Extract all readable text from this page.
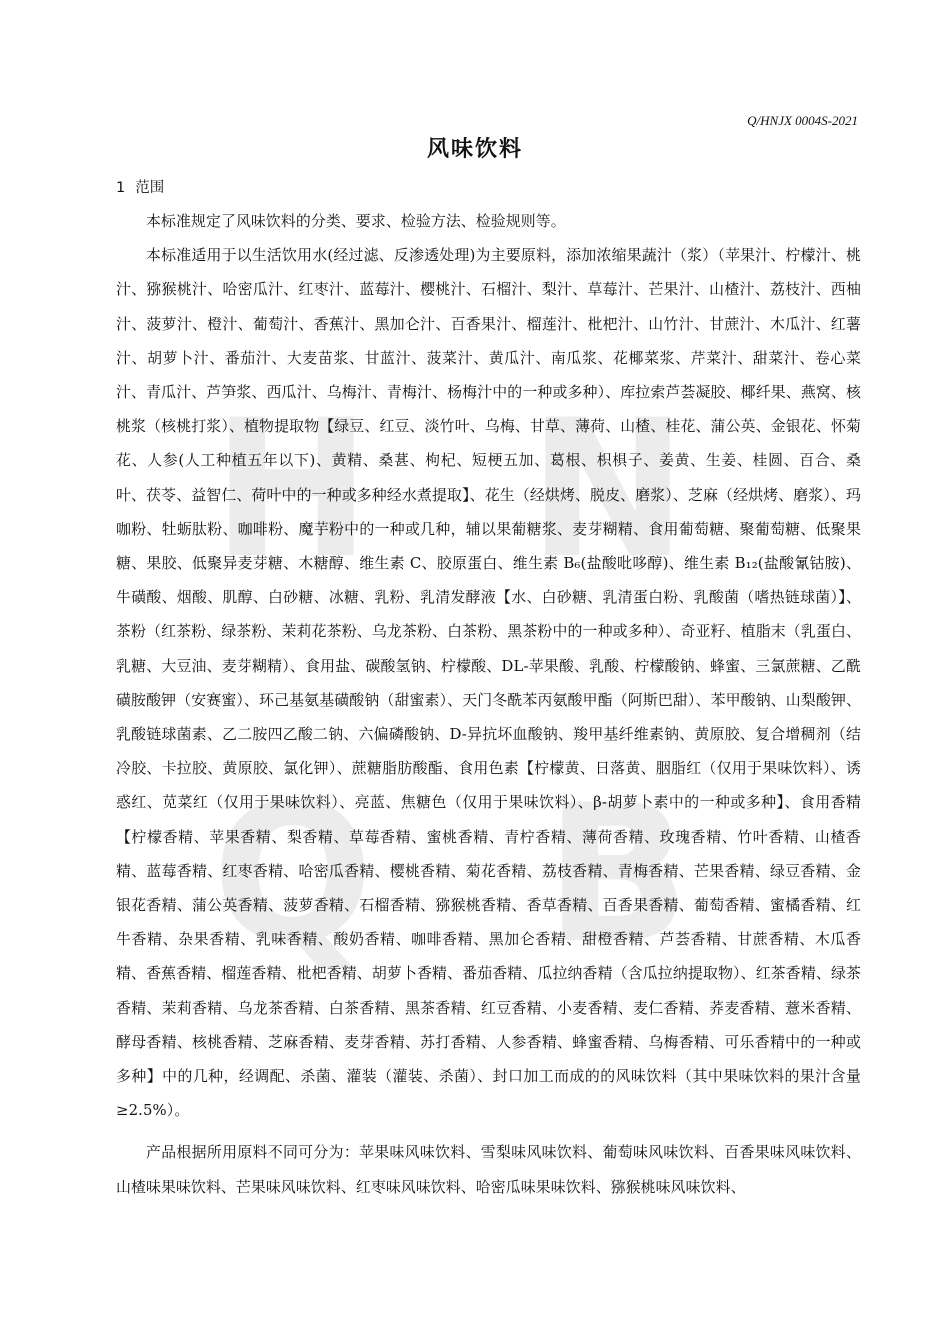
H N
Q B
Q/HNJX 0004S-2021
风味饮料
1 范围

本标准规定了风味饮料的分类、要求、检验方法、检验规则等。

本标准适用于以生活饮用水(经过滤、反渗透处理)为主要原料，添加浓缩果蔬汁（浆）（苹果汁、柠檬汁、桃汁、猕猴桃汁、哈密瓜汁、红枣汁、蓝莓汁、樱桃汁、石榴汁、梨汁、草莓汁、芒果汁、山楂汁、荔枝汁、西柚汁、菠萝汁、橙汁、葡萄汁、香蕉汁、黑加仑汁、百香果汁、榴莲汁、枇杷汁、山竹汁、甘蔗汁、木瓜汁、红薯汁、胡萝卜汁、番茄汁、大麦苗浆、甘蓝汁、菠菜汁、黄瓜汁、南瓜浆、花椰菜浆、芹菜汁、甜菜汁、卷心菜汁、青瓜汁、芦笋浆、西瓜汁、乌梅汁、青梅汁、杨梅汁中的一种或多种）、库拉索芦荟凝胶、椰纤果、燕窝、核桃浆（核桃打浆）、植物提取物【绿豆、红豆、淡竹叶、乌梅、甘草、薄荷、山楂、桂花、蒲公英、金银花、怀菊花、人参(人工种植五年以下)、黄精、桑葚、枸杞、短梗五加、葛根、枳椇子、姜黄、生姜、桂圆、百合、桑叶、茯苓、益智仁、荷叶中的一种或多种经水煮提取】、花生（经烘烤、脱皮、磨浆）、芝麻（经烘烤、磨浆）、玛咖粉、牡蛎肽粉、咖啡粉、魔芋粉中的一种或几种，辅以果葡糖浆、麦芽糊精、食用葡萄糖、聚葡萄糖、低聚果糖、果胶、低聚异麦芽糖、木糖醇、维生素 C、胶原蛋白、维生素 B₆(盐酸吡哆醇)、维生素 B₁₂(盐酸氰钴胺)、牛磺酸、烟酸、肌醇、白砂糖、冰糖、乳粉、乳清发酵液【水、白砂糖、乳清蛋白粉、乳酸菌（嗜热链球菌）】、茶粉（红茶粉、绿茶粉、茉莉花茶粉、乌龙茶粉、白茶粉、黑茶粉中的一种或多种）、奇亚籽、植脂末（乳蛋白、乳糖、大豆油、麦芽糊精）、食用盐、碳酸氢钠、柠檬酸、DL-苹果酸、乳酸、柠檬酸钠、蜂蜜、三氯蔗糖、乙酰磺胺酸钾（安赛蜜）、环己基氨基磺酸钠（甜蜜素）、天门冬酰苯丙氨酸甲酯（阿斯巴甜）、苯甲酸钠、山梨酸钾、乳酸链球菌素、乙二胺四乙酸二钠、六偏磷酸钠、D-异抗坏血酸钠、羧甲基纤维素钠、黄原胶、复合增稠剂（结冷胶、卡拉胶、黄原胶、氯化钾）、蔗糖脂肪酸酯、食用色素【柠檬黄、日落黄、胭脂红（仅用于果味饮料）、诱惑红、苋菜红（仅用于果味饮料）、亮蓝、焦糖色（仅用于果味饮料）、β-胡萝卜素中的一种或多种】、食用香精【柠檬香精、苹果香精、梨香精、草莓香精、蜜桃香精、青柠香精、薄荷香精、玫瑰香精、竹叶香精、山楂香精、蓝莓香精、红枣香精、哈密瓜香精、樱桃香精、菊花香精、荔枝香精、青梅香精、芒果香精、绿豆香精、金银花香精、蒲公英香精、菠萝香精、石榴香精、猕猴桃香精、香草香精、百香果香精、葡萄香精、蜜橘香精、红牛香精、杂果香精、乳味香精、酸奶香精、咖啡香精、黑加仑香精、甜橙香精、芦荟香精、甘蔗香精、木瓜香精、香蕉香精、榴莲香精、枇杷香精、胡萝卜香精、番茄香精、瓜拉纳香精（含瓜拉纳提取物）、红茶香精、绿茶香精、茉莉香精、乌龙茶香精、白茶香精、黑茶香精、红豆香精、小麦香精、麦仁香精、荞麦香精、薏米香精、酵母香精、核桃香精、芝麻香精、麦芽香精、苏打香精、人参香精、蜂蜜香精、乌梅香精、可乐香精中的一种或多种】中的几种，经调配、杀菌、灌装（灌装、杀菌）、封口加工而成的的风味饮料（其中果味饮料的果汁含量≥2.5%）。

产品根据所用原料不同可分为：苹果味风味饮料、雪梨味风味饮料、葡萄味风味饮料、百香果味风味饮料、山楂味果味饮料、芒果味风味饮料、红枣味风味饮料、哈密瓜味果味饮料、猕猴桃味风味饮料、
